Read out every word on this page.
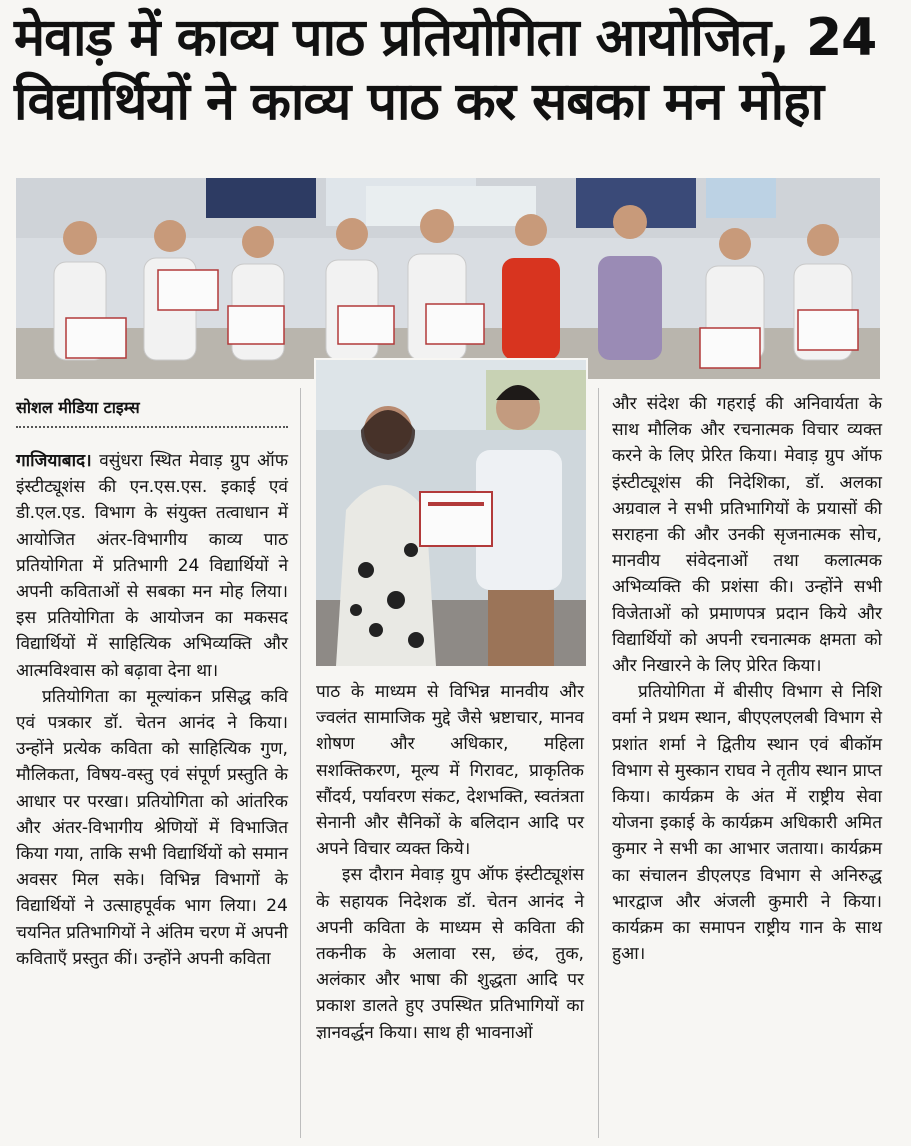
मेवाड़ में काव्य पाठ प्रतियोगिता आयोजित, 24
विद्यार्थियों ने काव्य पाठ कर सबका मन मोहा
सोशल मीडिया टाइम्स

गाजियाबाद। वसुंधरा स्थित मेवाड़ ग्रुप ऑफ इंस्टीट्यूशंस की एन.एस.एस. इकाई एवं डी.एल.एड. विभाग के संयुक्त तत्वाधान में आयोजित अंतर-विभागीय काव्य पाठ प्रतियोगिता में प्रतिभागी 24 विद्यार्थियों ने अपनी कविताओं से सबका मन मोह लिया। इस प्रतियोगिता के आयोजन का मकसद विद्यार्थियों में साहित्यिक अभिव्यक्ति और आत्मविश्वास को बढ़ावा देना था।

प्रतियोगिता का मूल्यांकन प्रसिद्ध कवि एवं पत्रकार डॉ. चेतन आनंद ने किया। उन्होंने प्रत्येक कविता को साहित्यिक गुण, मौलिकता, विषय-वस्तु एवं संपूर्ण प्रस्तुति के आधार पर परखा। प्रतियोगिता को आंतरिक और अंतर-विभागीय श्रेणियों में विभाजित किया गया, ताकि सभी विद्यार्थियों को समान अवसर मिल सके। विभिन्न विभागों के विद्यार्थियों ने उत्साहपूर्वक भाग लिया। 24 चयनित प्रतिभागियों ने अंतिम चरण में अपनी कविताएँ प्रस्तुत कीं। उन्होंने अपनी कविता

पाठ के माध्यम से विभिन्न मानवीय और ज्वलंत सामाजिक मुद्दे जैसे भ्रष्टाचार, मानव शोषण और अधिकार, महिला सशक्तिकरण, मूल्य में गिरावट, प्राकृतिक सौंदर्य, पर्यावरण संकट, देशभक्ति, स्वतंत्रता सेनानी और सैनिकों के बलिदान आदि पर अपने विचार व्यक्त किये।

इस दौरान मेवाड़ ग्रुप ऑफ इंस्टीट्यूशंस के सहायक निदेशक डॉ. चेतन आनंद ने अपनी कविता के माध्यम से कविता की तकनीक के अलावा रस, छंद, तुक, अलंकार और भाषा की शुद्धता आदि पर प्रकाश डालते हुए उपस्थित प्रतिभागियों का ज्ञानवर्द्धन किया। साथ ही भावनाओं

और संदेश की गहराई की अनिवार्यता के साथ मौलिक और रचनात्मक विचार व्यक्त करने के लिए प्रेरित किया। मेवाड़ ग्रुप ऑफ इंस्टीट्यूशंस की निदेशिका, डॉ. अलका अग्रवाल ने सभी प्रतिभागियों के प्रयासों की सराहना की और उनकी सृजनात्मक सोच, मानवीय संवेदनाओं तथा कलात्मक अभिव्यक्ति की प्रशंसा की। उन्होंने सभी विजेताओं को प्रमाणपत्र प्रदान किये और विद्यार्थियों को अपनी रचनात्मक क्षमता को और निखारने के लिए प्रेरित किया।

प्रतियोगिता में बीसीए विभाग से निशि वर्मा ने प्रथम स्थान, बीएएलएलबी विभाग से प्रशांत शर्मा ने द्वितीय स्थान एवं बीकॉम विभाग से मुस्कान राघव ने तृतीय स्थान प्राप्त किया। कार्यक्रम के अंत में राष्ट्रीय सेवा योजना इकाई के कार्यक्रम अधिकारी अमित कुमार ने सभी का आभार जताया। कार्यक्रम का संचालन डीएलएड विभाग से अनिरुद्ध भारद्वाज और अंजली कुमारी ने किया। कार्यक्रम का समापन राष्ट्रीय गान के साथ हुआ।
